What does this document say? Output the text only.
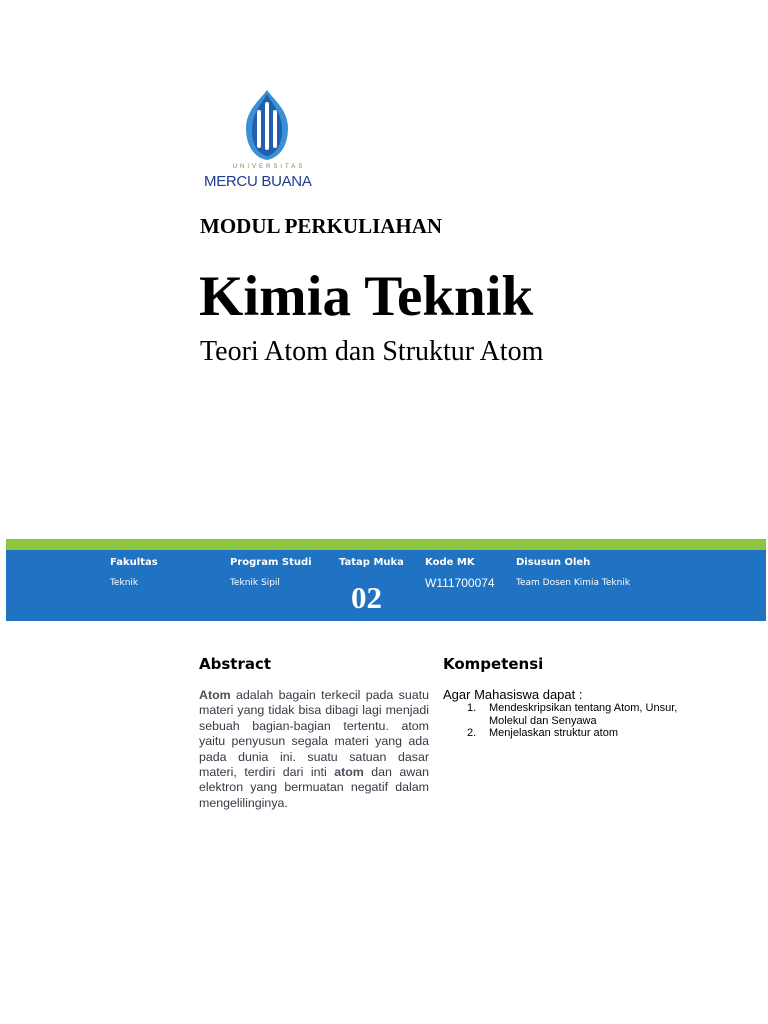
UNIVERSITAS
MERCU BUANA
MODUL PERKULIAHAN
Kimia Teknik
Teori Atom dan Struktur Atom
Fakultas
Teknik
Program Studi
Teknik Sipil
Tatap Muka
02
Kode MK
W111700074
Disusun Oleh
Team Dosen Kimia Teknik
Abstract
Atom adalah bagain terkecil pada suatu materi yang tidak bisa dibagi lagi menjadi sebuah bagian-bagian tertentu. atom yaitu penyusun segala materi yang ada pada dunia ini. suatu satuan dasar materi, terdiri dari inti atom dan awan elektron yang bermuatan negatif dalam mengelilinginya.
Kompetensi
Agar Mahasiswa dapat :
1. Mendeskripsikan tentang Atom, Unsur, Molekul dan Senyawa
2. Menjelaskan struktur atom
